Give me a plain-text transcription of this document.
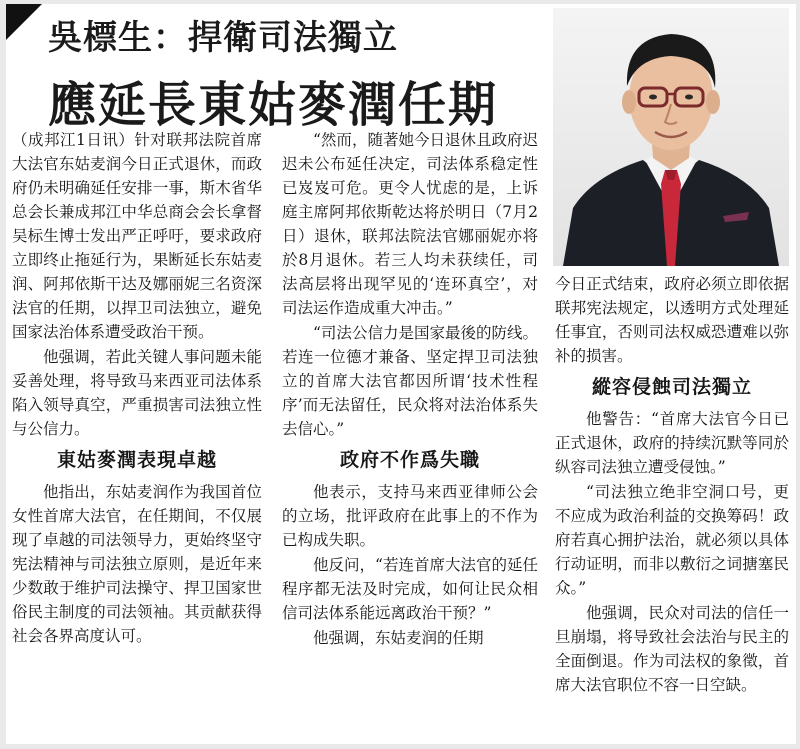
吳標生：捍衛司法獨立
應延長東姑麥潤任期

（成邦江1日讯）针对联邦法院首席大法官东姑麦润今日正式退休，而政府仍未明确延任安排一事，斯木省华总会长兼成邦江中华总商会会长拿督吴标生博士发出严正呼吁，要求政府立即终止拖延行为，果断延长东姑麦润、阿邦依斯干达及娜丽妮三名资深法官的任期，以捍卫司法独立，避免国家法治体系遭受政治干预。

他强调，若此关键人事问题未能妥善处理，将导致马来西亚司法体系陷入领导真空，严重损害司法独立性与公信力。

東姑麥潤表現卓越

他指出，东姑麦润作为我国首位女性首席大法官，在任期间，不仅展现了卓越的司法领导力，更始终坚守宪法精神与司法独立原则，是近年来少数敢于维护司法操守、捍卫国家世俗民主制度的司法领袖。其贡献获得社会各界高度认可。

“然而，随著她今日退休且政府迟迟未公布延任决定，司法体系稳定性已岌岌可危。更令人忧虑的是，上诉庭主席阿邦依斯乾达将於明日（7月2日）退休，联邦法院法官娜丽妮亦将於8月退休。若三人均未获续任，司法高层将出现罕见的‘连环真空’，对司法运作造成重大冲击。”

“司法公信力是国家最後的防线。若连一位德才兼备、坚定捍卫司法独立的首席大法官都因所谓‘技术性程序’而无法留任，民众将对法治体系失去信心。”

政府不作爲失職

他表示，支持马来西亚律师公会的立场，批评政府在此事上的不作为已构成失职。

他反问，“若连首席大法官的延任程序都无法及时完成，如何让民众相信司法体系能远离政治干预？”

他强调，东姑麦润的任期

今日正式结束，政府必须立即依据联邦宪法规定，以透明方式处理延任事宜，否则司法权威恐遭难以弥补的损害。

縱容侵蝕司法獨立

他警告：“首席大法官今日已正式退休，政府的持续沉默等同於纵容司法独立遭受侵蚀。”

“司法独立绝非空洞口号，更不应成为政治利益的交换筹码！政府若真心拥护法治，就必须以具体行动证明，而非以敷衍之词搪塞民众。”

他强调，民众对司法的信任一旦崩塌，将导致社会法治与民主的全面倒退。作为司法权的象徵，首席大法官职位不容一日空缺。
